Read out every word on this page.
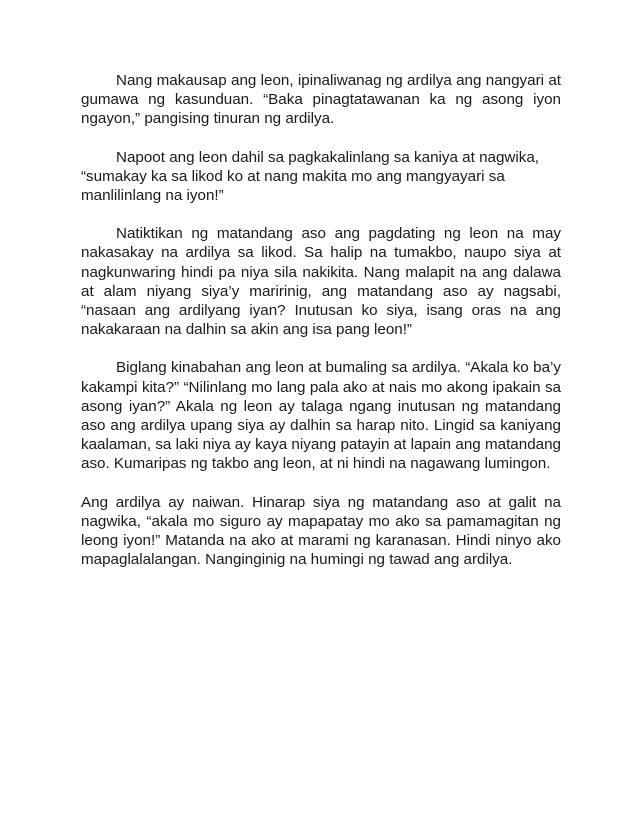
Nang makausap ang leon, ipinaliwanag ng ardilya ang nangyari at gumawa ng kasunduan. “Baka pinagtatawanan ka ng asong iyon ngayon,” pangising tinuran ng ardilya.

Napoot ang leon dahil sa pagkakalinlang sa kaniya at nagwika, “sumakay ka sa likod ko at nang makita mo ang mangyayari sa manlilinlang na iyon!”

Natiktikan ng matandang aso ang pagdating ng leon na may nakasakay na ardilya sa likod. Sa halip na tumakbo, naupo siya at nagkunwaring hindi pa niya sila nakikita. Nang malapit na ang dalawa at alam niyang siya’y maririnig, ang matandang aso ay nagsabi, “nasaan ang ardilyang iyan? Inutusan ko siya, isang oras na ang nakakaraan na dalhin sa akin ang isa pang leon!”

Biglang kinabahan ang leon at bumaling sa ardilya. “Akala ko ba’y kakampi kita?” “Nilinlang mo lang pala ako at nais mo akong ipakain sa asong iyan?” Akala ng leon ay talaga ngang inutusan ng matandang aso ang ardilya upang siya ay dalhin sa harap nito. Lingid sa kaniyang kaalaman, sa laki niya ay kaya niyang patayin at lapain ang matandang aso. Kumaripas ng takbo ang leon, at ni hindi na nagawang lumingon.

Ang ardilya ay naiwan. Hinarap siya ng matandang aso at galit na nagwika, “akala mo siguro ay mapapatay mo ako sa pamamagitan ng leong iyon!” Matanda na ako at marami ng karanasan. Hindi ninyo ako mapaglalalangan. Nanginginig na humingi ng tawad ang ardilya.
